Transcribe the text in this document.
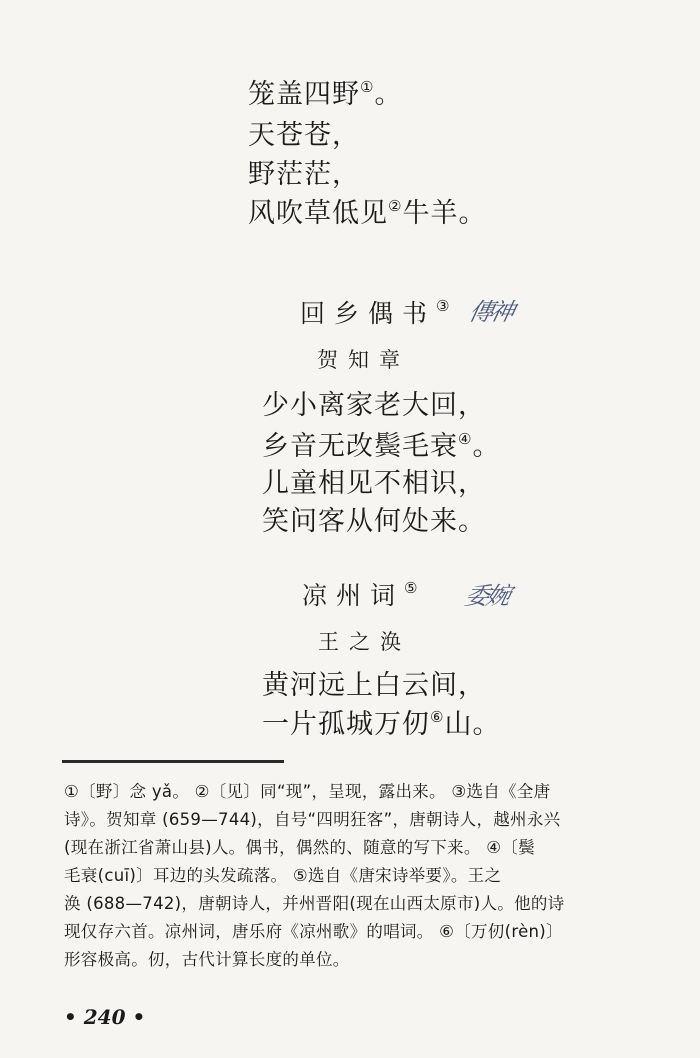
笼盖四野①。
天苍苍，
野茫茫，
风吹草低见②牛羊。
回乡偶书③ 傳神
贺知章
少小离家老大回，
乡音无改鬓毛衰④。
儿童相见不相识，
笑问客从何处来。
凉州词⑤ 委婉
王之涣
黄河远上白云间，
一片孤城万仞⑥山。
①〔野〕念 yǎ。 ②〔见〕同“现”，呈现，露出来。 ③选自《全唐
诗》。贺知章 (659—744)，自号“四明狂客”，唐朝诗人，越州永兴
(现在浙江省萧山县)人。偶书，偶然的、随意的写下来。 ④〔鬓
毛衰(cuī)〕耳边的头发疏落。 ⑤选自《唐宋诗举要》。王之
涣 (688—742)，唐朝诗人，并州晋阳(现在山西太原市)人。他的诗
现仅存六首。凉州词，唐乐府《凉州歌》的唱词。 ⑥〔万仞(rèn)〕
形容极高。仞，古代计算长度的单位。
• 240 •
